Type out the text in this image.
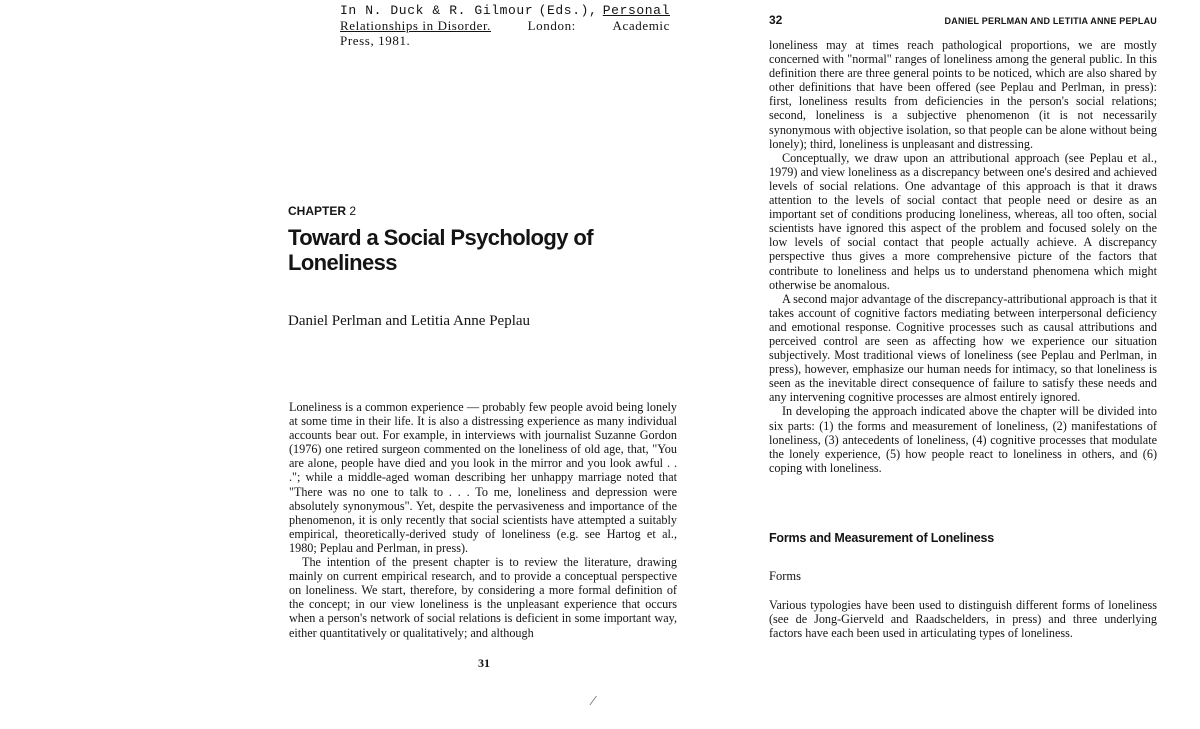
In N. Duck & R. Gilmour (Eds.), Personal
Relationships in Disorder.	London:	Academic
Press, 1981.
CHAPTER 2
Toward a Social Psychology of Loneliness
Daniel Perlman and Letitia Anne Peplau

Loneliness is a common experience — probably few people avoid being lonely at some time in their life. It is also a distressing experience as many individual accounts bear out. For example, in interviews with journalist Suzanne Gordon (1976) one retired surgeon commented on the loneliness of old age, that, "You are alone, people have died and you look in the mirror and you look awful . . ."; while a middle-aged woman describing her unhappy marriage noted that "There was no one to talk to . . . To me, loneliness and depression were absolutely synonymous". Yet, despite the pervasiveness and importance of the phenomenon, it is only recently that social scientists have attempted a suitably empirical, theoretically-derived study of loneliness (e.g. see Hartog et al., 1980; Peplau and Perlman, in press).

The intention of the present chapter is to review the literature, drawing mainly on current empirical research, and to provide a conceptual perspective on loneliness. We start, therefore, by considering a more formal definition of the concept; in our view loneliness is the unpleasant experience that occurs when a person's network of social relations is deficient in some important way, either quantitatively or qualitatively; and although

31
⁄
32	DANIEL PERLMAN AND LETITIA ANNE PEPLAU

loneliness may at times reach pathological proportions, we are mostly concerned with "normal" ranges of loneliness among the general public. In this definition there are three general points to be noticed, which are also shared by other definitions that have been offered (see Peplau and Perlman, in press): first, loneliness results from deficiencies in the person's social relations; second, loneliness is a subjective phenomenon (it is not necessarily synonymous with objective isolation, so that people can be alone without being lonely); third, loneliness is unpleasant and distressing.

Conceptually, we draw upon an attributional approach (see Peplau et al., 1979) and view loneliness as a discrepancy between one's desired and achieved levels of social relations. One advantage of this approach is that it draws attention to the levels of social contact that people need or desire as an important set of conditions producing loneliness, whereas, all too often, social scientists have ignored this aspect of the problem and focused solely on the low levels of social contact that people actually achieve. A discrepancy perspective thus gives a more comprehensive picture of the factors that contribute to loneliness and helps us to understand phenomena which might otherwise be anomalous.

A second major advantage of the discrepancy-attributional approach is that it takes account of cognitive factors mediating between interpersonal deficiency and emotional response. Cognitive processes such as causal attributions and perceived control are seen as affecting how we experience our situation subjectively. Most traditional views of loneliness (see Peplau and Perlman, in press), however, emphasize our human needs for intimacy, so that loneliness is seen as the inevitable direct consequence of failure to satisfy these needs and any intervening cognitive processes are almost entirely ignored.

In developing the approach indicated above the chapter will be divided into six parts: (1) the forms and measurement of loneliness, (2) manifestations of loneliness, (3) antecedents of loneliness, (4) cognitive processes that modulate the lonely experience, (5) how people react to loneliness in others, and (6) coping with loneliness.

Forms and Measurement of Loneliness
Forms

Various typologies have been used to distinguish different forms of loneliness (see de Jong-Gierveld and Raadschelders, in press) and three underlying factors have each been used in articulating types of loneliness.
